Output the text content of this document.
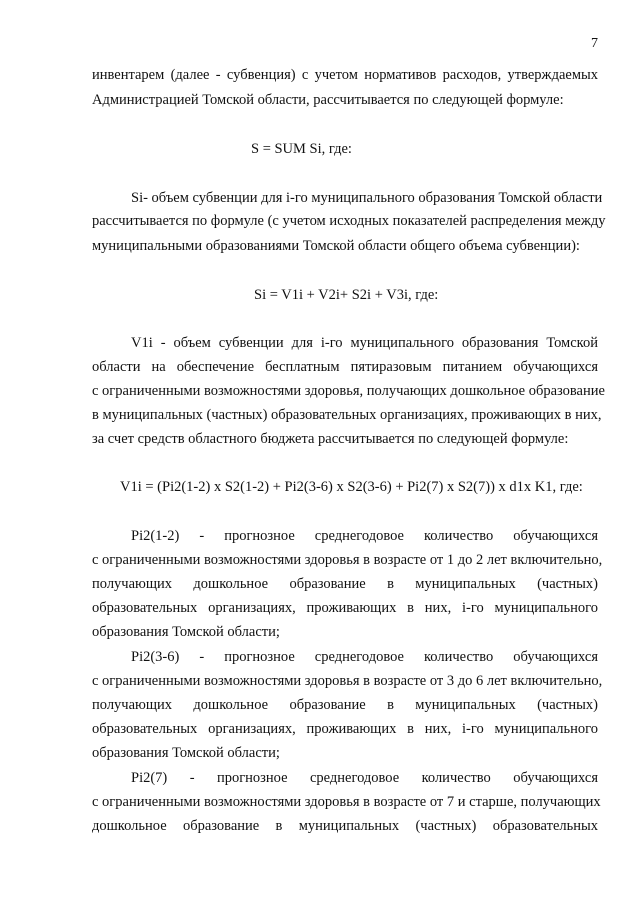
7
инвентарем (далее - субвенция) с учетом нормативов расходов, утверждаемых
Администрацией Томской области, рассчитывается по следующей формуле:
S = SUM Si, где:
Si- объем субвенции для i-го муниципального образования Томской области
рассчитывается по формуле (с учетом исходных показателей распределения между
муниципальными образованиями Томской области общего объема субвенции):
Si = V1i + V2i+ S2i + V3i, где:
V1i - объем субвенции для i-го муниципального образования Томской
области на обеспечение бесплатным пятиразовым питанием обучающихся
с ограниченными возможностями здоровья, получающих дошкольное образование
в муниципальных (частных) образовательных организациях, проживающих в них,
за счет средств областного бюджета рассчитывается по следующей формуле:
V1i = (Pi2(1-2) x S2(1-2) + Pi2(3-6) x S2(3-6) + Pi2(7) x S2(7)) x d1x K1, где:
Pi2(1-2) - прогнозное среднегодовое количество обучающихся
с ограниченными возможностями здоровья в возрасте от 1 до 2 лет включительно,
получающих дошкольное образование в муниципальных (частных)
образовательных организациях, проживающих в них, i-го муниципального
образования Томской области;
Pi2(3-6) - прогнозное среднегодовое количество обучающихся
с ограниченными возможностями здоровья в возрасте от 3 до 6 лет включительно,
получающих дошкольное образование в муниципальных (частных)
образовательных организациях, проживающих в них, i-го муниципального
образования Томской области;
Pi2(7) - прогнозное среднегодовое количество обучающихся
с ограниченными возможностями здоровья в возрасте от 7 и старше, получающих
дошкольное образование в муниципальных (частных) образовательных
